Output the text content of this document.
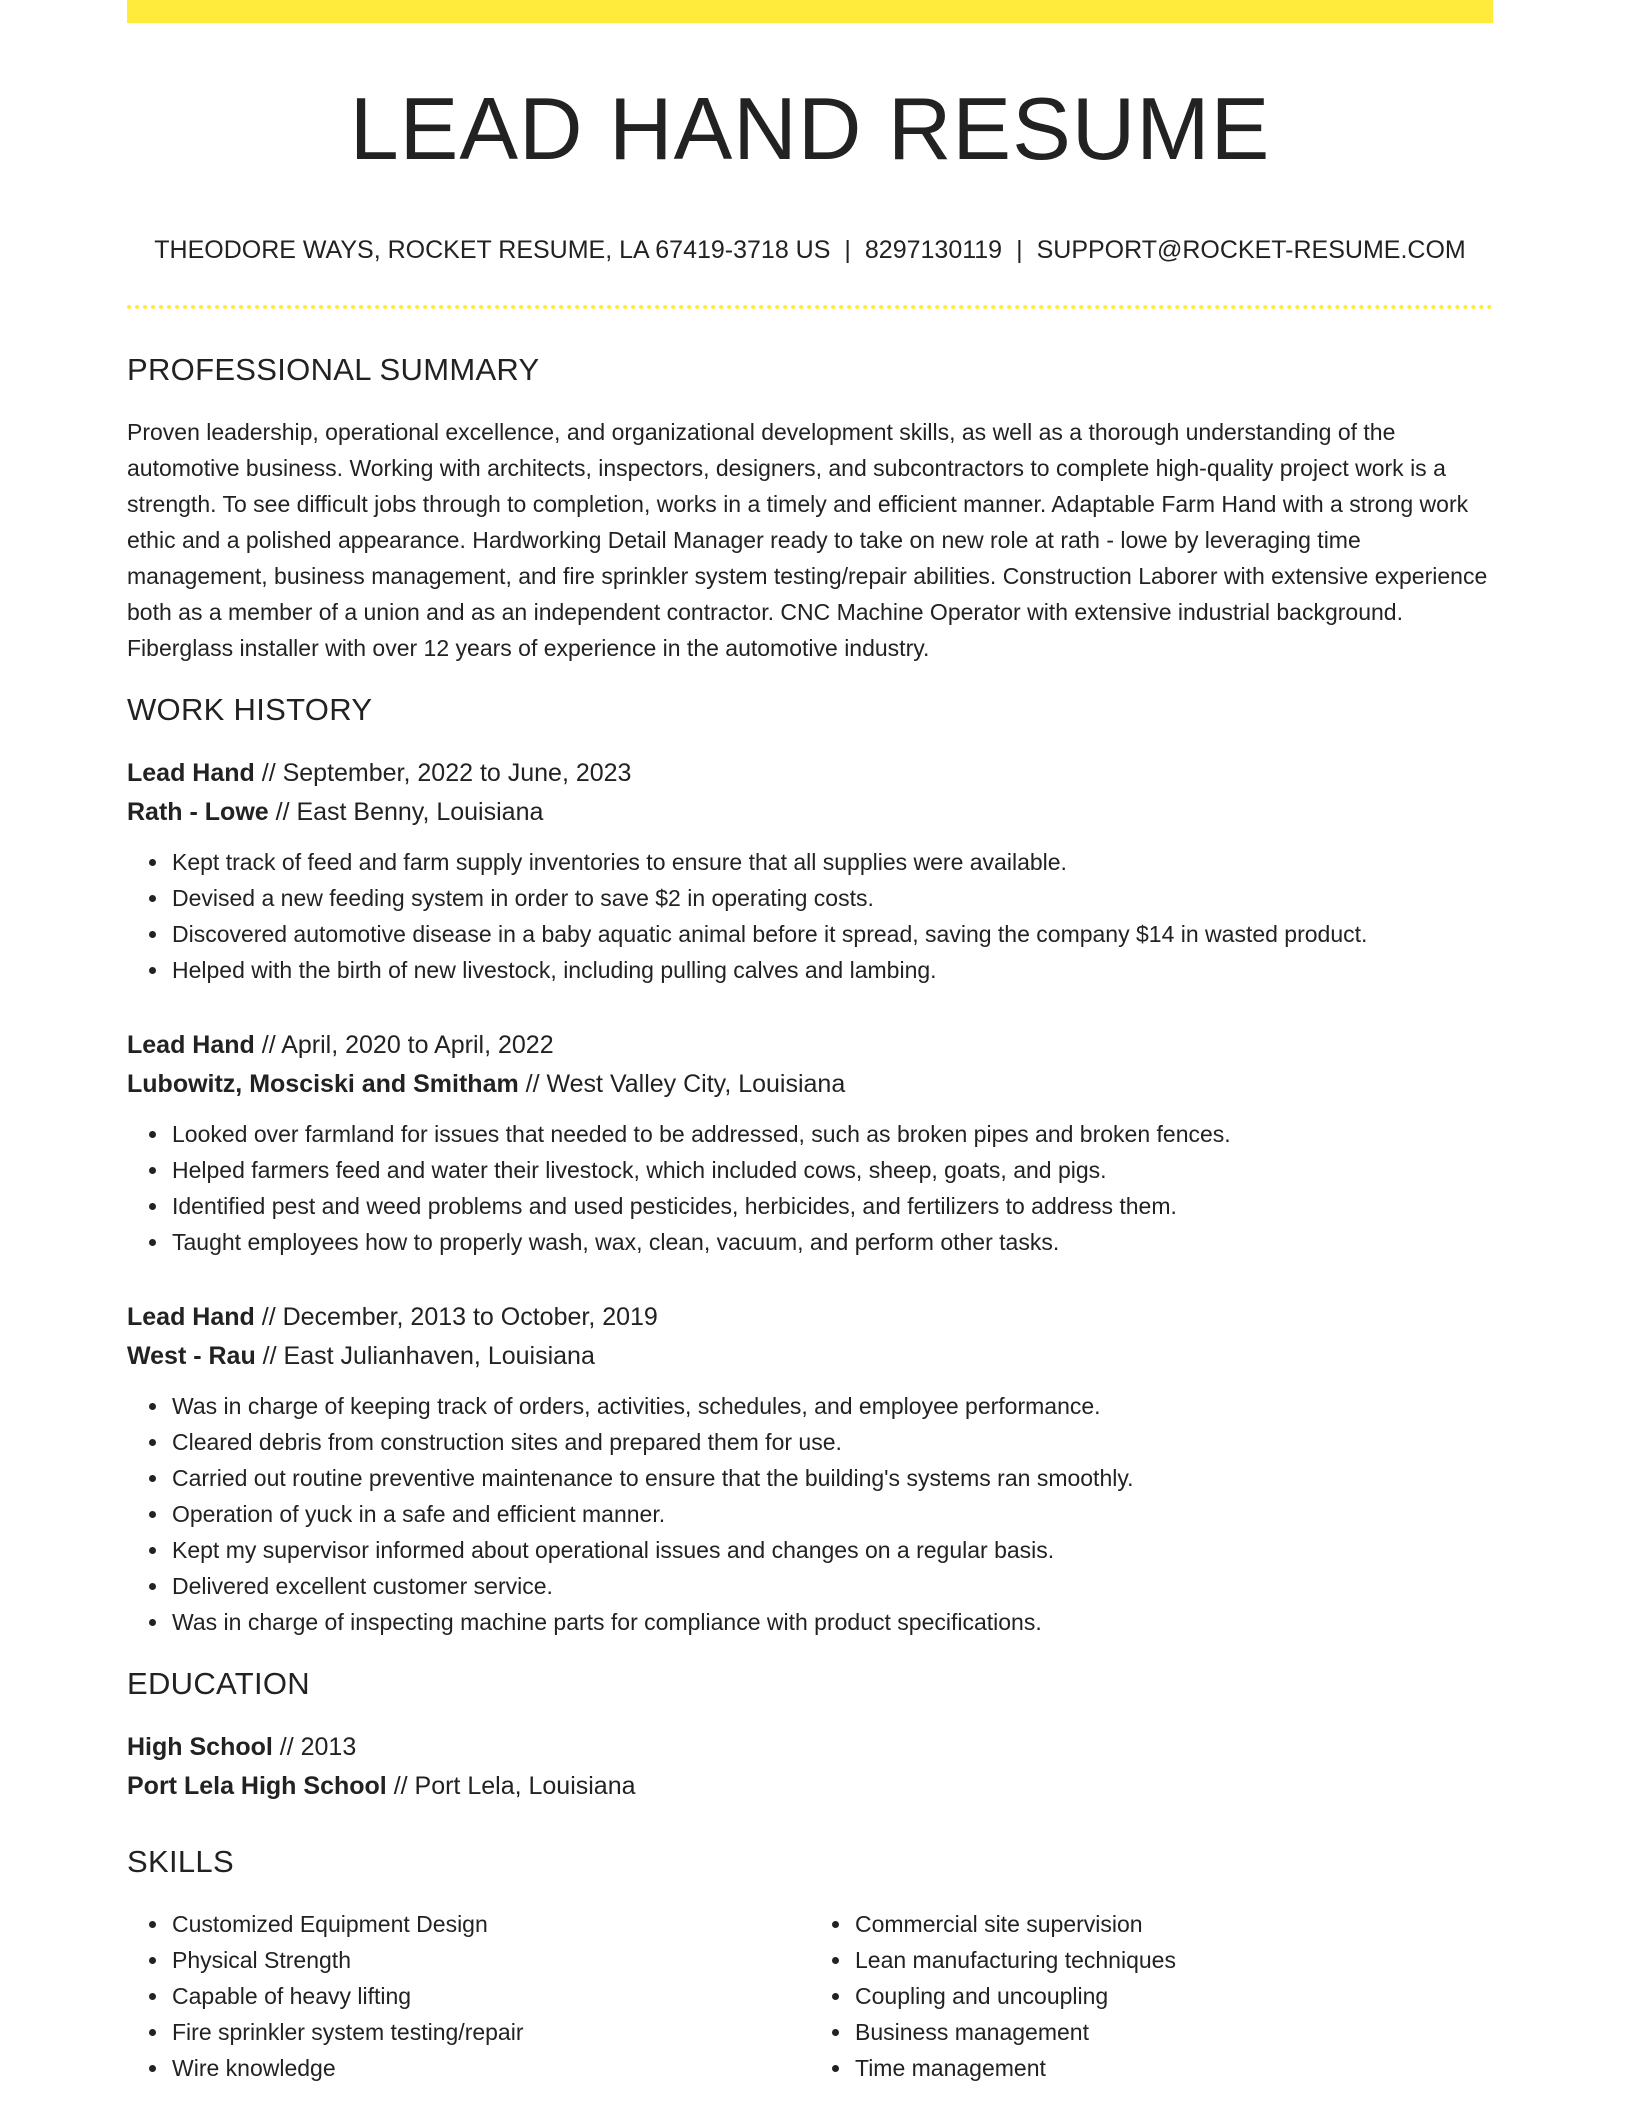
LEAD HAND RESUME
THEODORE WAYS, ROCKET RESUME, LA 67419-3718 US | 8297130119 | SUPPORT@ROCKET-RESUME.COM
PROFESSIONAL SUMMARY

Proven leadership, operational excellence, and organizational development skills, as well as a thorough understanding of the automotive business. Working with architects, inspectors, designers, and subcontractors to complete high-quality project work is a strength. To see difficult jobs through to completion, works in a timely and efficient manner. Adaptable Farm Hand with a strong work ethic and a polished appearance. Hardworking Detail Manager ready to take on new role at rath - lowe by leveraging time management, business management, and fire sprinkler system testing/repair abilities. Construction Laborer with extensive experience both as a member of a union and as an independent contractor. CNC Machine Operator with extensive industrial background. Fiberglass installer with over 12 years of experience in the automotive industry.

WORK HISTORY
Lead Hand // September, 2022 to June, 2023
Rath - Lowe // East Benny, Louisiana
• Kept track of feed and farm supply inventories to ensure that all supplies were available.
• Devised a new feeding system in order to save $2 in operating costs.
• Discovered automotive disease in a baby aquatic animal before it spread, saving the company $14 in wasted product.
• Helped with the birth of new livestock, including pulling calves and lambing.
Lead Hand // April, 2020 to April, 2022
Lubowitz, Mosciski and Smitham // West Valley City, Louisiana
• Looked over farmland for issues that needed to be addressed, such as broken pipes and broken fences.
• Helped farmers feed and water their livestock, which included cows, sheep, goats, and pigs.
• Identified pest and weed problems and used pesticides, herbicides, and fertilizers to address them.
• Taught employees how to properly wash, wax, clean, vacuum, and perform other tasks.
Lead Hand // December, 2013 to October, 2019
West - Rau // East Julianhaven, Louisiana
• Was in charge of keeping track of orders, activities, schedules, and employee performance.
• Cleared debris from construction sites and prepared them for use.
• Carried out routine preventive maintenance to ensure that the building's systems ran smoothly.
• Operation of yuck in a safe and efficient manner.
• Kept my supervisor informed about operational issues and changes on a regular basis.
• Delivered excellent customer service.
• Was in charge of inspecting machine parts for compliance with product specifications.
EDUCATION
High School // 2013
Port Lela High School // Port Lela, Louisiana
SKILLS
• Customized Equipment Design
• Physical Strength
• Capable of heavy lifting
• Fire sprinkler system testing/repair
• Wire knowledge
• Commercial site supervision
• Lean manufacturing techniques
• Coupling and uncoupling
• Business management
• Time management
